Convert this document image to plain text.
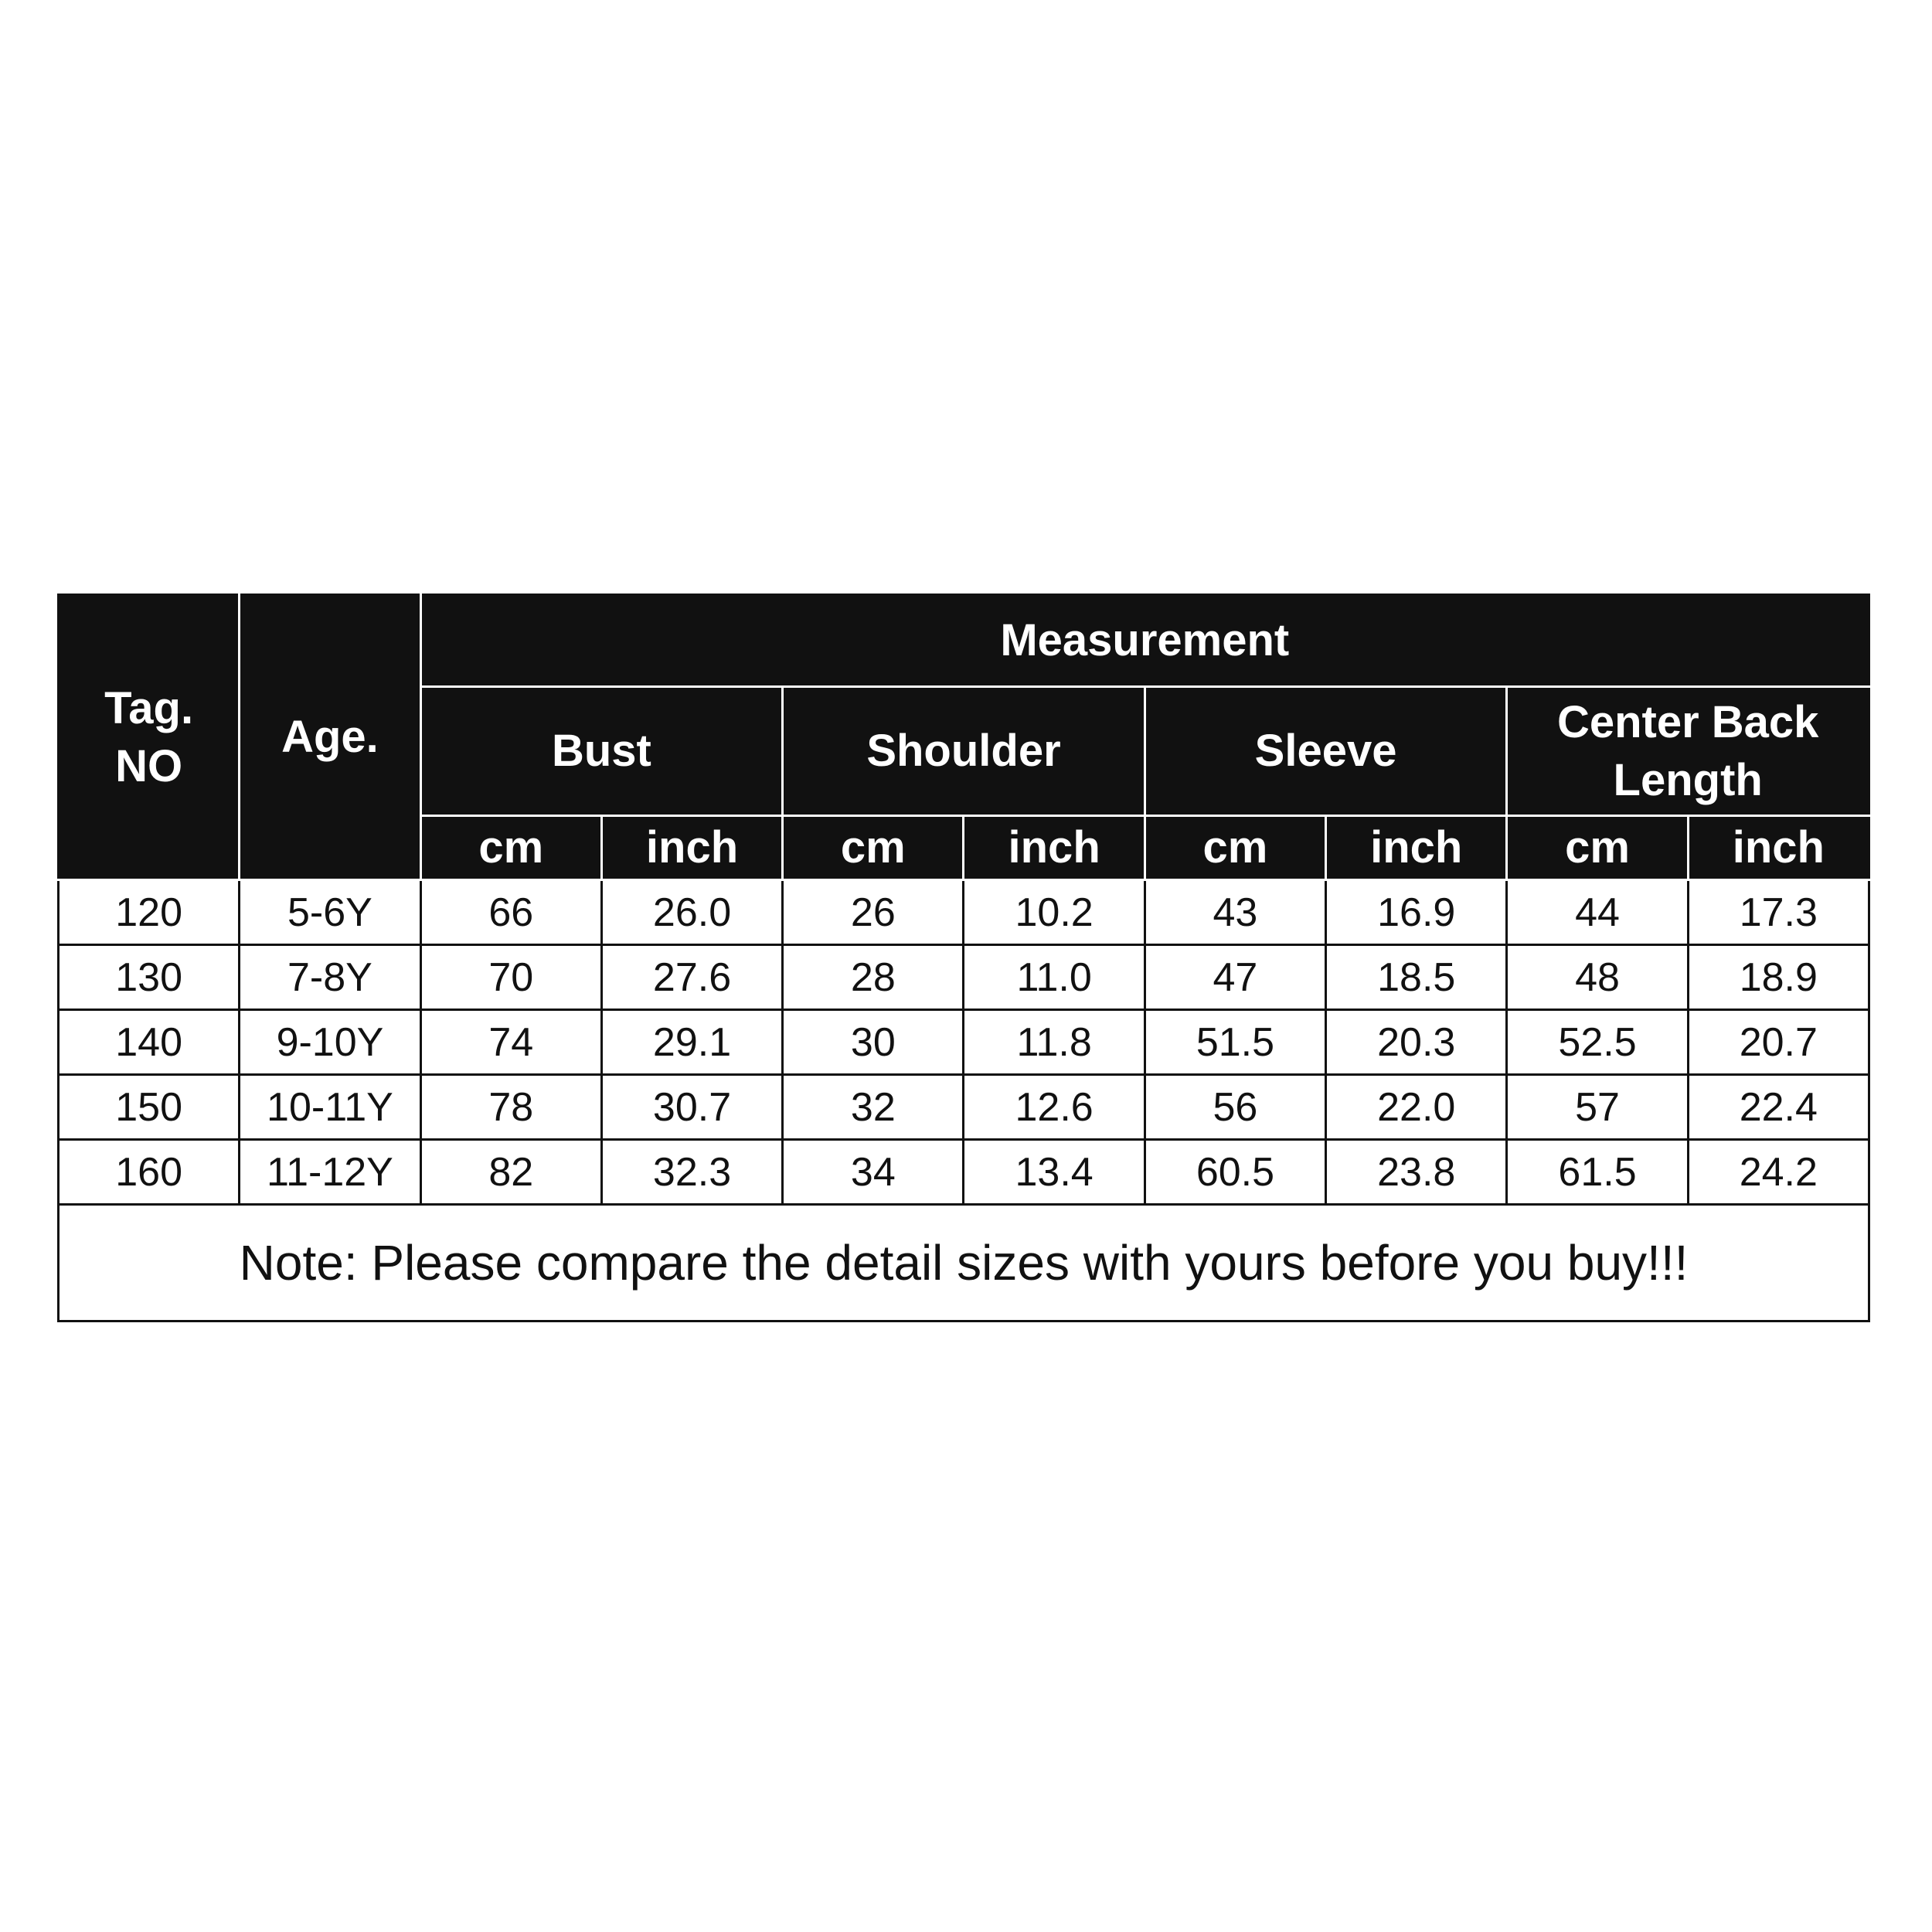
Tag. NO	Age.	Measurement							
		Bust		Shoulder		Sleeve		Center Back Length	
		cm	inch	cm	inch	cm	inch	cm	inch
120	5-6Y	66	26.0	26	10.2	43	16.9	44	17.3
130	7-8Y	70	27.6	28	11.0	47	18.5	48	18.9
140	9-10Y	74	29.1	30	11.8	51.5	20.3	52.5	20.7
150	10-11Y	78	30.7	32	12.6	56	22.0	57	22.4
160	11-12Y	82	32.3	34	13.4	60.5	23.8	61.5	24.2
Note: Please compare the detail sizes with yours before you buy!!!									
